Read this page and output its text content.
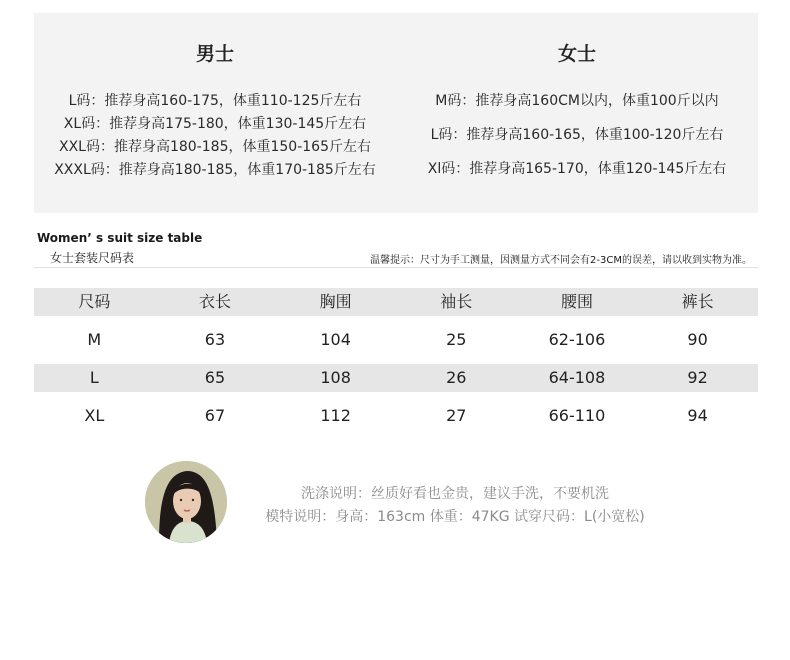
男士
L码：推荐身高160-175，体重110-125斤左右
XL码：推荐身高175-180，体重130-145斤左右
XXL码：推荐身高180-185，体重150-165斤左右
XXXL码：推荐身高180-185，体重170-185斤左右
女士
M码：推荐身高160CM以内，体重100斤以内
L码：推荐身高160-165，体重100-120斤左右
Xl码：推荐身高165-170，体重120-145斤左右
Women’ s suit size table
女士套装尺码表	温馨提示：尺寸为手工测量，因测量方式不同会有2-3CM的误差，请以收到实物为准。
尺码	衣长	胸围	袖长	腰围	裤长
M	63	104	25	62-106	90
L	65	108	26	64-108	92
XL	67	112	27	66-110	94
洗涤说明：丝质好看也金贵，建议手洗，不要机洗
模特说明：身高：163cm 体重：47KG 试穿尺码：L(小宽松)
